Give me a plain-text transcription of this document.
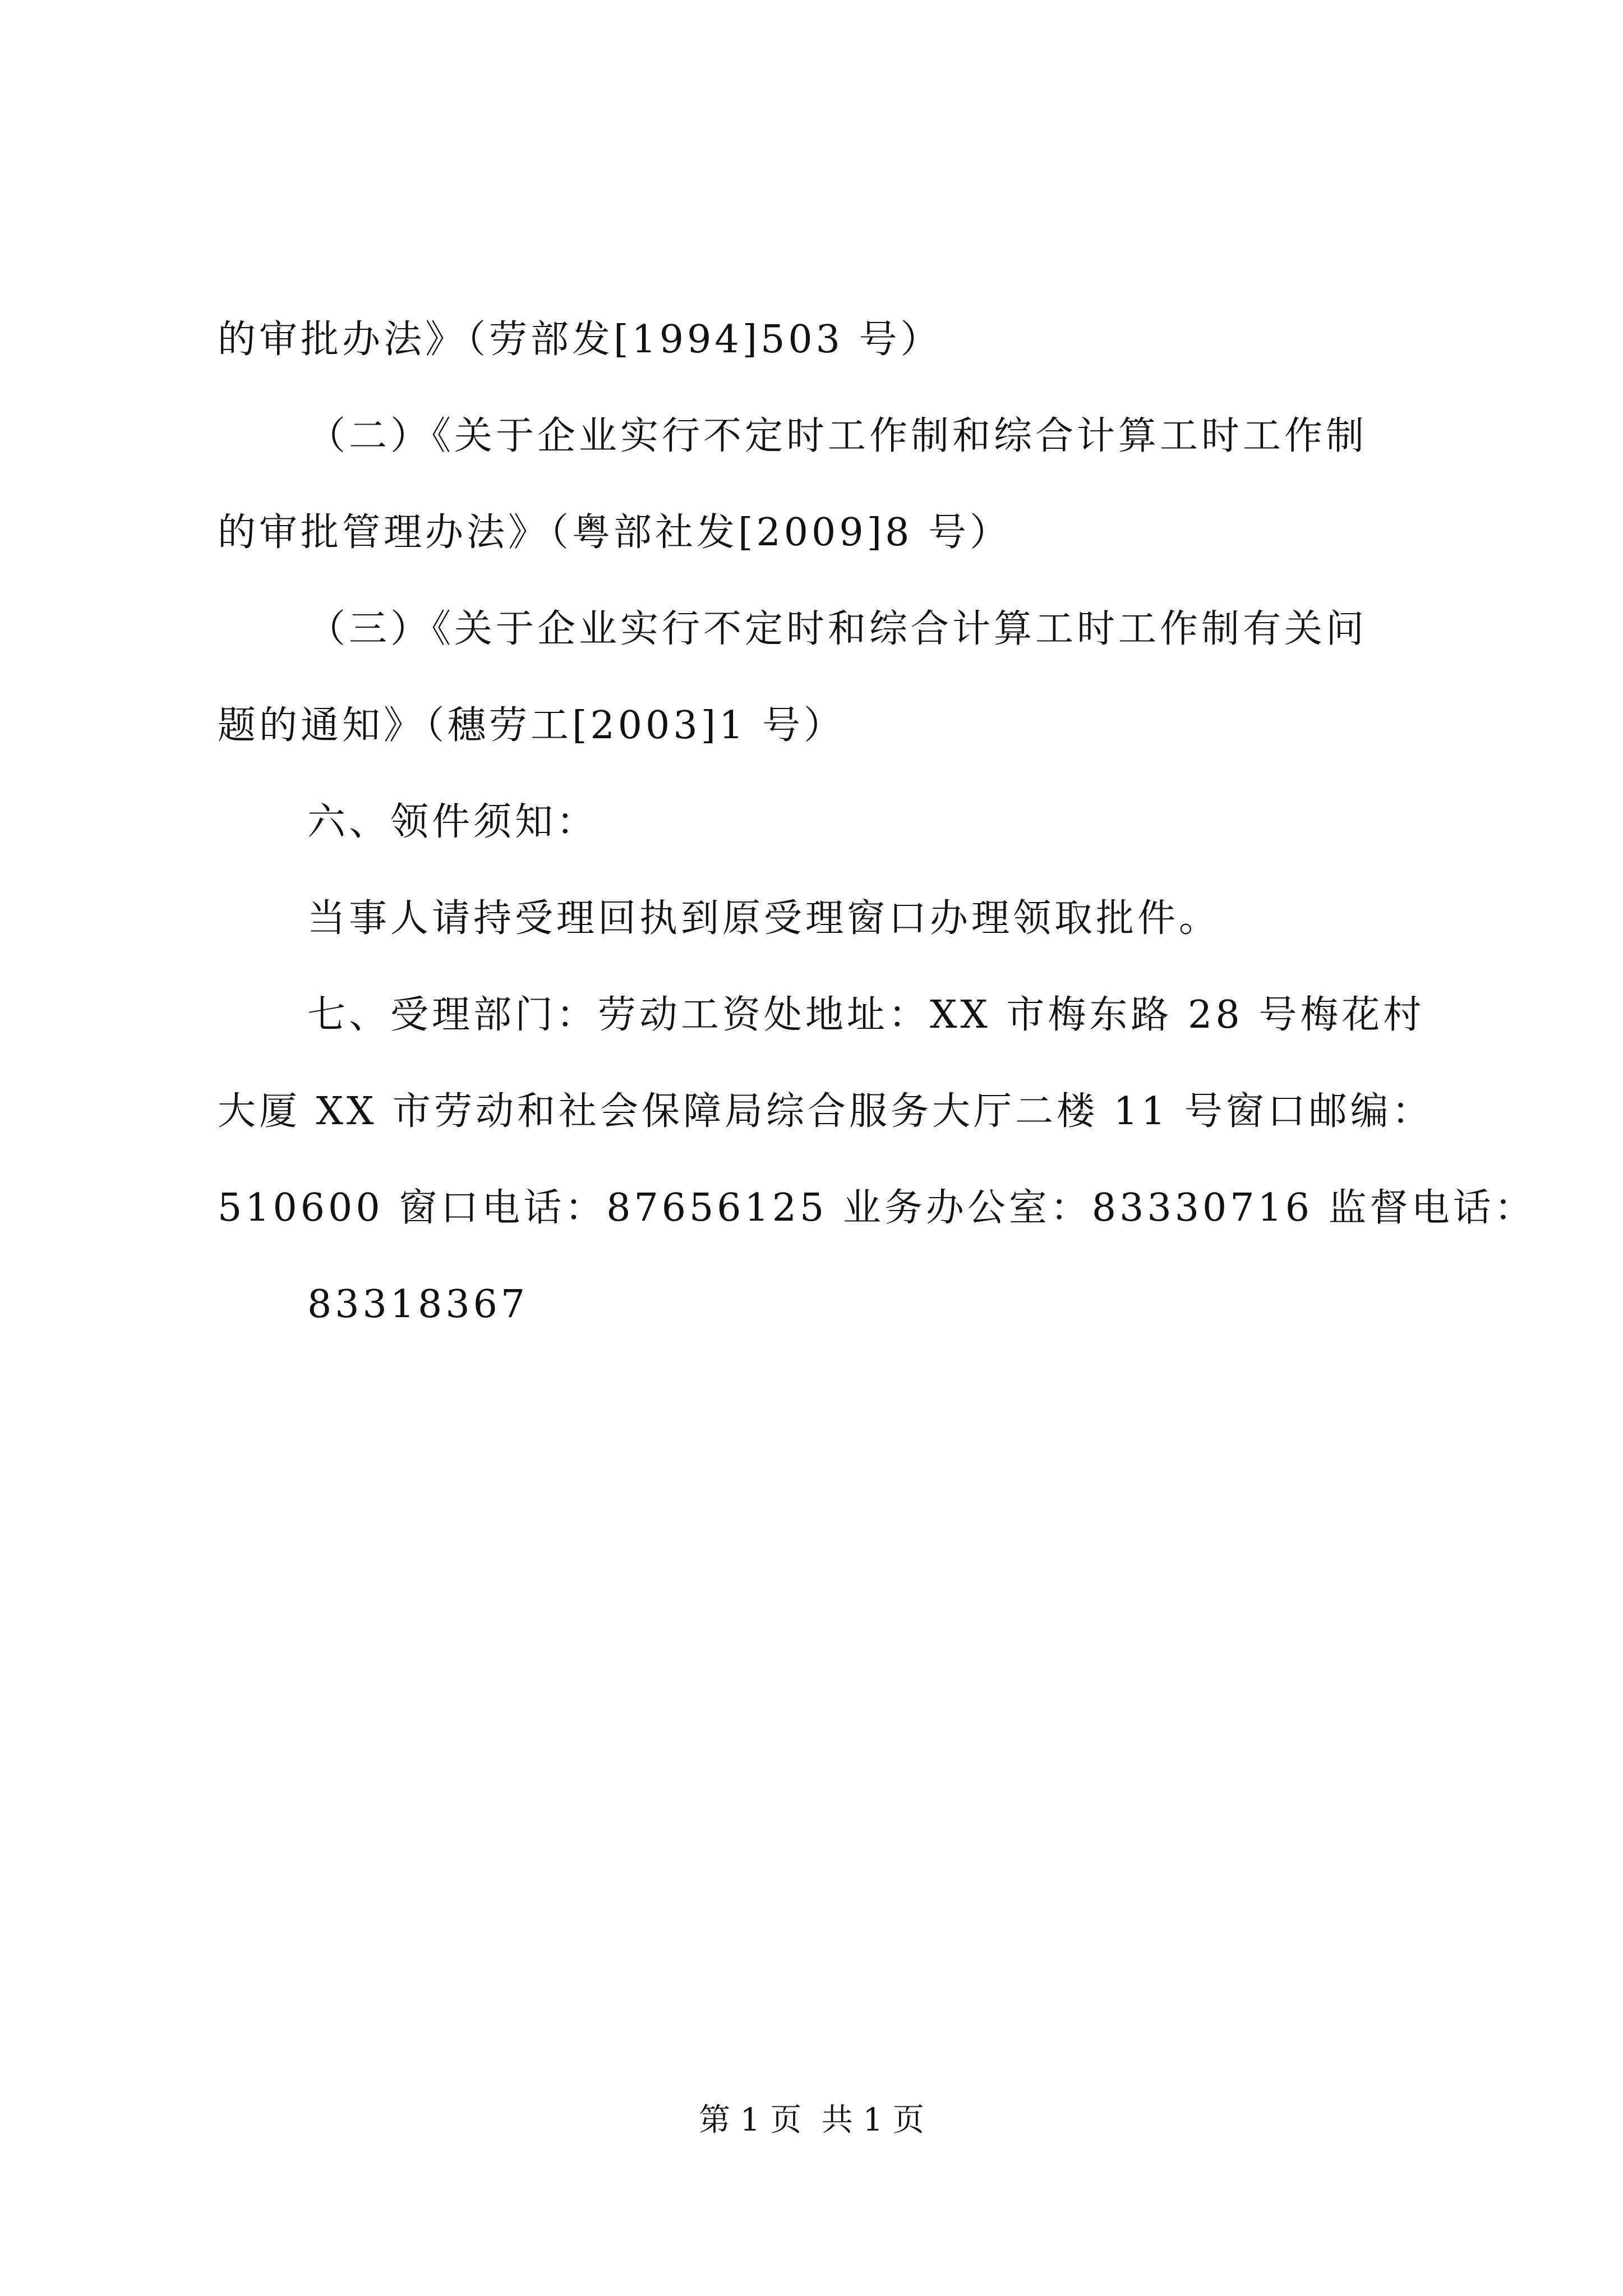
的审批办法》（劳部发[1994]503 号）
（二）《关于企业实行不定时工作制和综合计算工时工作制
的审批管理办法》（粤部社发[2009]8 号）
（三）《关于企业实行不定时和综合计算工时工作制有关问
题的通知》（穗劳工[2003]1 号）
六、领件须知：
当事人请持受理回执到原受理窗口办理领取批件。
七、受理部门：劳动工资处地址：XX 市梅东路 28 号梅花村
大厦 XX 市劳动和社会保障局综合服务大厅二楼 11 号窗口邮编：
510600 窗口电话：87656125 业务办公室：83330716 监督电话：
83318367
第 1 页  共 1 页
